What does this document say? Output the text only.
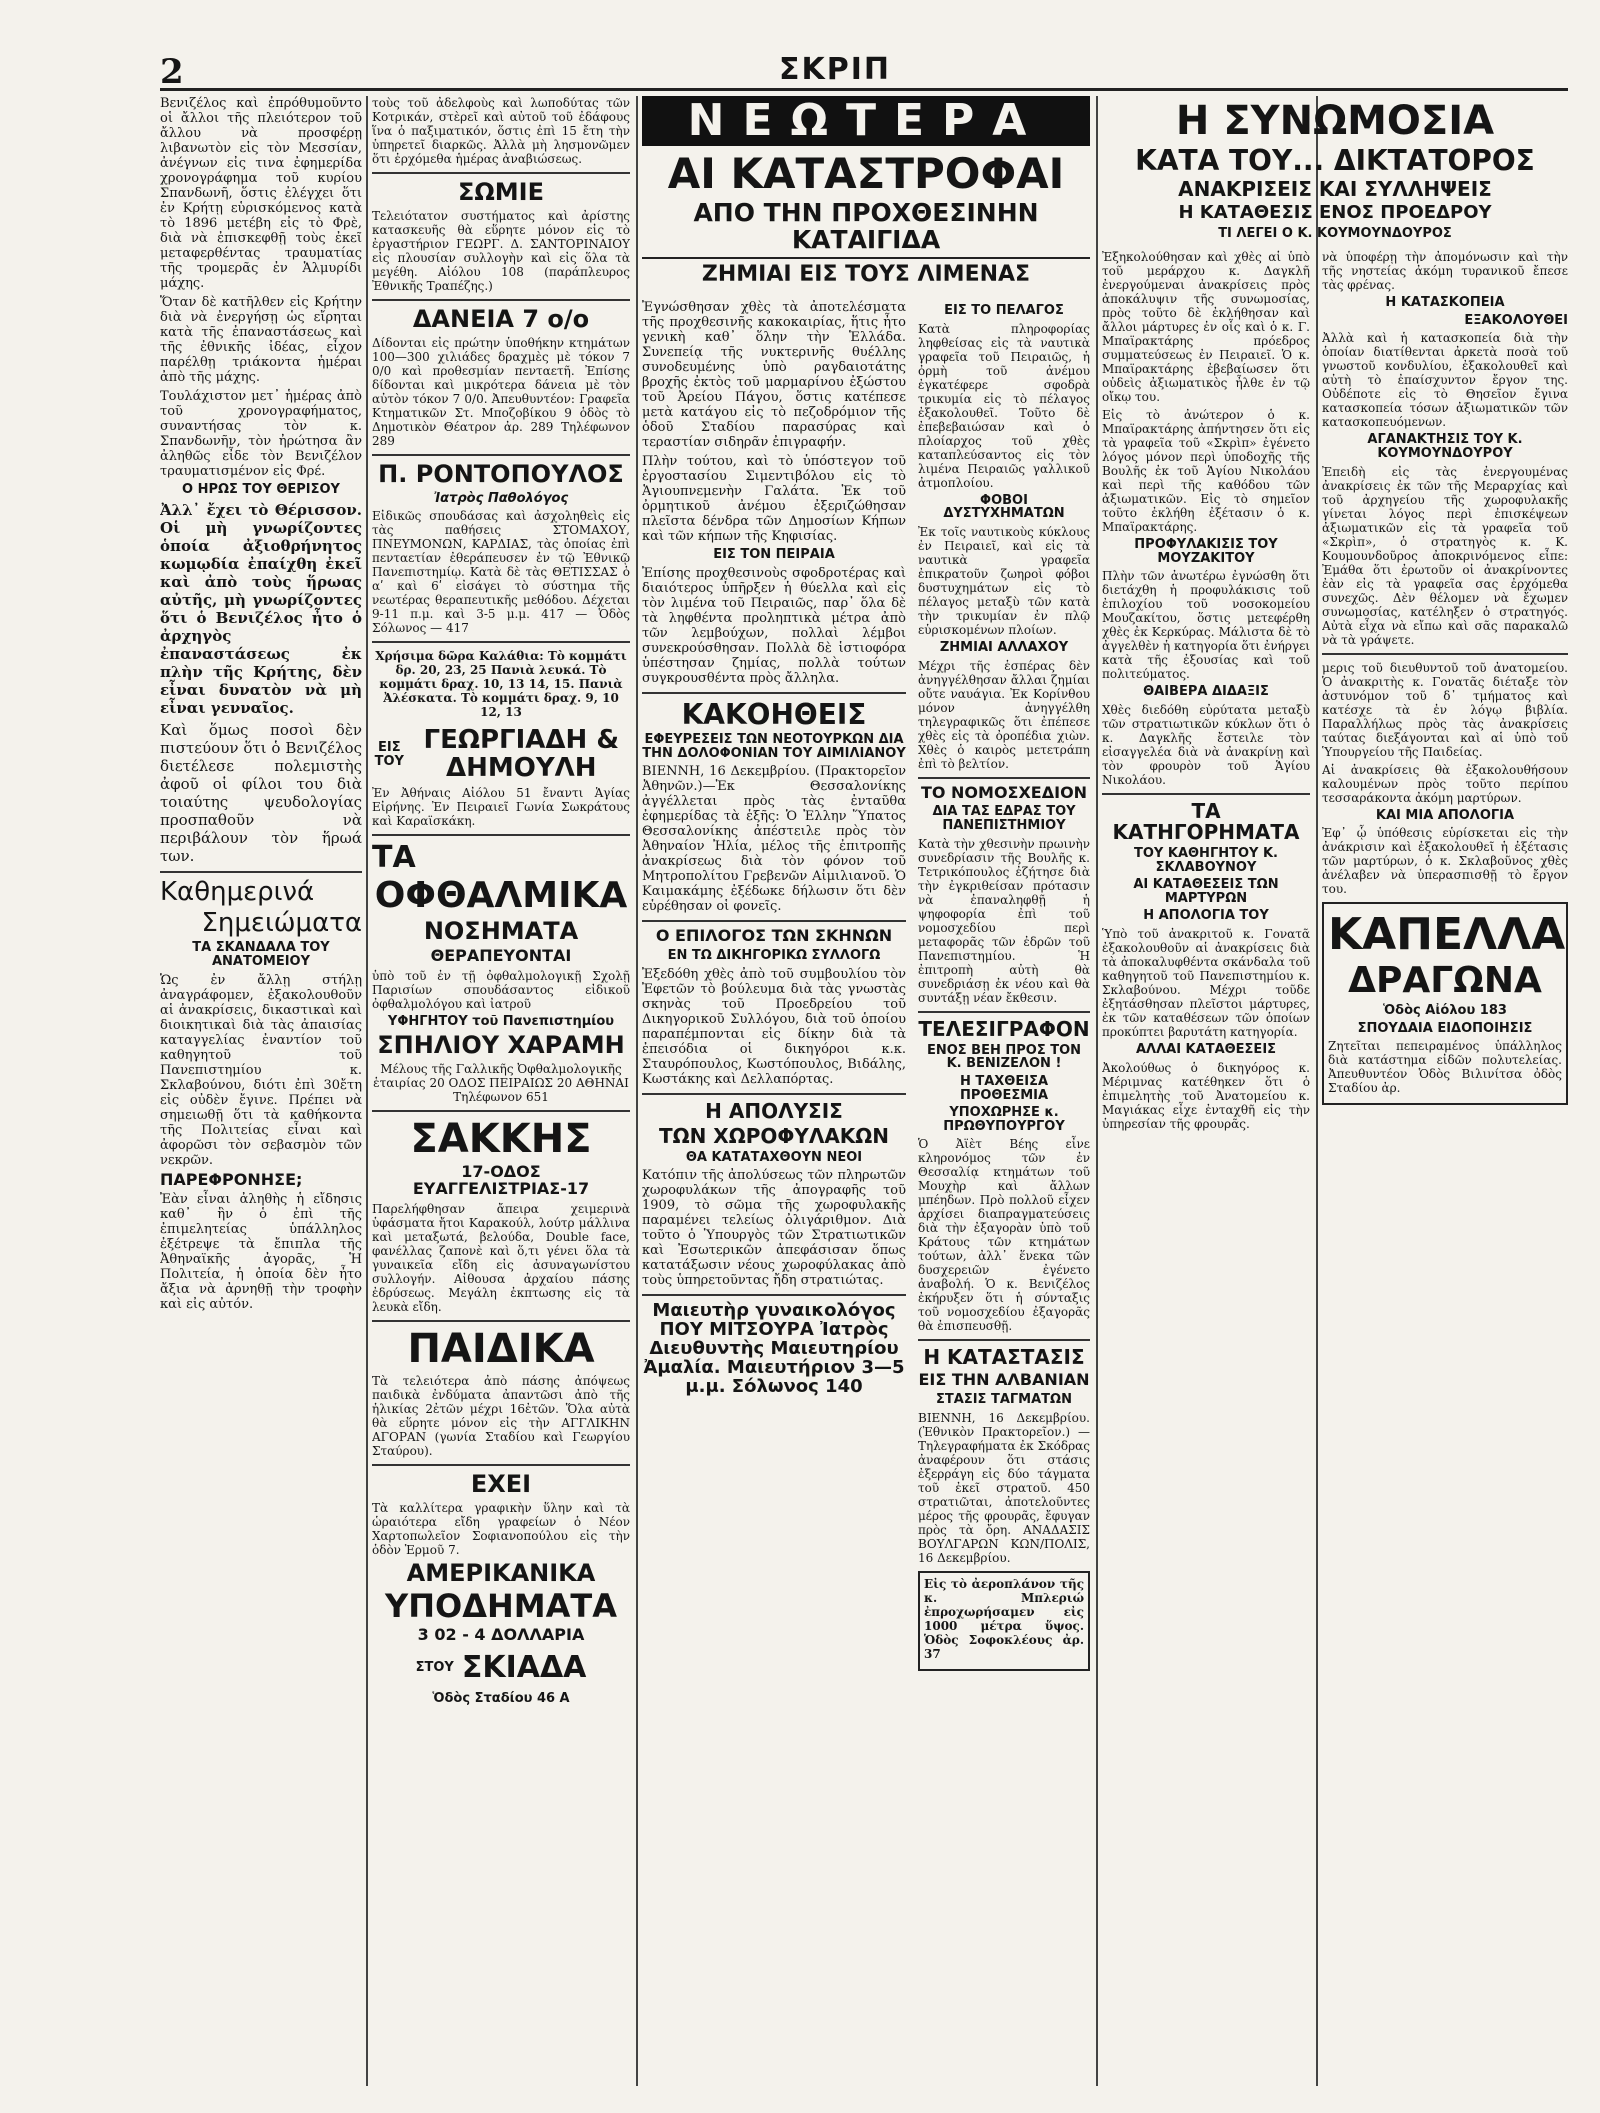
2	ΣΚΡΙΠ

Βενιζέλος καὶ ἐπρόθυμοῦντο οἱ ἄλλοι τῆς πλειότερον τοῦ ἄλλου νὰ προσφέρῃ λιβανωτὸν εἰς τὸν Μεσσίαν, ἀνέγνων εἰς τινα ἐφημερίδα χρονογράφημα τοῦ κυρίου Σπανδωνῆ, ὅστις ἐλέγχει ὅτι ἐν Κρήτῃ εὑρισκόμενος κατὰ τὸ 1896 μετέβη εἰς τὸ Φρὲ, διὰ νὰ ἐπισκεφθῇ τοὺς ἐκεῖ μεταφερθέντας τραυματίας τῆς τρομερᾶς ἐν Ἁλμυρίδι μάχης.

Ὅταν δὲ κατῆλθεν εἰς Κρήτην διὰ νὰ ἐνεργήσῃ ὡς εἴρηται κατὰ τῆς ἐπαναστάσεως καὶ τῆς ἐθνικῆς ἰδέας, εἶχον παρέλθῃ τριάκοντα ἡμέραι ἀπὸ τῆς μάχης.

Τουλάχιστον μετ᾽ ἡμέρας ἀπὸ τοῦ χρονογραφήματος, συναντήσας τὸν κ. Σπανδωνῆν, τὸν ἠρώτησα ἂν ἀληθῶς εἶδε τὸν Βενιζέλον τραυματισμένον εἰς Φρέ.

Ο ΗΡΩΣ ΤΟΥ ΘΕΡΙΣΟΥ

Ἀλλ᾽ ἔχει τὸ Θέρισσον. Οἱ μὴ γνωρίζοντες ὁποία ἀξιοθρήνητος κωμῳδία ἐπαίχθη ἐκεῖ καὶ ἀπὸ τοὺς ἥρωας αὐτῆς, μὴ γνωρίζοντες ὅτι ὁ Βενιζέλος ἦτο ὁ ἀρχηγὸς ἐπαναστάσεως ἐκ πλὴν τῆς Κρήτης, δὲν εἶναι δυνατὸν νὰ μὴ εἶναι γενναῖος.

Καὶ ὅμως ποσοὶ δὲν πιστεύουν ὅτι ὁ Βενιζέλος διετέλεσε πολεμιστὴς ἀφοῦ οἱ φίλοι του διὰ τοιαύτης ψευδολογίας προσπαθοῦν νὰ περιβάλουν τὸν ἥρωά των.

Καθημερινά
Σημειώματα
ΤΑ ΣΚΑΝΔΑΛΑ ΤΟΥ ΑΝΑΤΟΜΕΙΟΥ

Ὡς ἐν ἄλλῃ στήλῃ ἀναγράφομεν, ἐξακολουθοῦν αἱ ἀνακρίσεις, δικαστικαὶ καὶ διοικητικαὶ διὰ τὰς ἀπαισίας καταγγελίας ἐναντίον τοῦ καθηγητοῦ τοῦ Πανεπιστημίου κ. Σκλαβούνου, διότι ἐπὶ 30ἔτη εἰς οὐδὲν ἔγινε. Πρέπει νὰ σημειωθῇ ὅτι τὰ καθήκοντα τῆς Πολιτείας εἶναι καὶ ἀφορῶσι τὸν σεβασμὸν τῶν νεκρῶν.

ΠΑΡΕΦΡΟΝΗΣΕ;

Ἐὰν εἶναι ἀληθὴς ἡ εἴδησις καθ᾽ ἣν ὁ ἐπὶ τῆς ἐπιμελητείας ὑπάλληλος ἐξέτρεψε τὰ ἔπιπλα τῆς Ἀθηναϊκῆς ἀγορᾶς, Ἡ Πολιτεία, ἡ ὁποία δὲν ἦτο ἄξια νὰ ἀρνηθῇ τὴν τροφὴν καὶ εἰς αὐτόν.

τοὺς τοῦ ἀδελφοὺς καὶ λωποδύτας τῶν Κοτρικάν, στὲρεῖ καὶ αὐτοῦ τοῦ ἐδάφους ἵνα ὁ παξιματικόν, ὅστις ἐπὶ 15 ἔτη τὴν ὑπηρετεῖ διαρκῶς. Ἀλλὰ μὴ λησμονῶμεν ὅτι ἐρχόμεθα ἡμέρας ἀναβιώσεως.

ΣΩΜΙΕ

Τελειότατον συστήματος καὶ ἀρίστης κατασκευῆς θὰ εὕρητε μόνον εἰς τὸ ἐργαστήριον ΓΕΩΡΓ. Δ. ΣΑΝΤΟΡΙΝΑΙΟΥ εἰς πλουσίαν συλλογὴν καὶ εἰς ὅλα τὰ μεγέθη. Αἰόλου 108 (παράπλευρος Ἐθνικῆς Τραπέζης.)

ΔΑΝΕΙΑ 7 ο/ο

Δίδονται εἰς πρώτην ὑποθήκην κτημάτων 100—300 χιλιάδες δραχμὲς μὲ τόκον 7 0/0 καὶ προθεσμίαν πενταετῆ. Ἐπίσης δίδονται καὶ μικρότερα δάνεια μὲ τὸν αὐτὸν τόκον 7 0/0. Ἀπευθυντέον: Γραφεῖα Κτηματικῶν Στ. Μποζοβίκου 9 ὁδὸς τὸ Δημοτικὸν Θέατρον ἀρ. 289 Τηλέφωνον 289

Π. ΡΟΝΤΟΠΟΥΛΟΣ
Ἰατρὸς Παθολόγος

Εἰδικῶς σπουδάσας καὶ ἀσχοληθεὶς εἰς τὰς παθήσεις ΣΤΟΜΑΧΟΥ, ΠΝΕΥΜΟΝΩΝ, ΚΑΡΔΙΑΣ, τὰς ὁποίας ἐπὶ πενταετίαν ἐθεράπευσεν ἐν τῷ Ἐθνικῷ Πανεπιστημίῳ. Κατὰ δὲ τὰς ΘΕΤΙΣΣΑΣ ὁ αʹ καὶ 6ʹ εἰσάγει τὸ σύστημα τῆς νεωτέρας θεραπευτικῆς μεθόδου. Δέχεται 9-11 π.μ. καὶ 3-5 μ.μ. 417 — Ὁδὸς Σόλωνος — 417

Χρήσιμα δῶρα Καλάθια: Τὸ κομμάτι δρ. 20, 23, 25 Πανιὰ λευκά. Τὸ κομμάτι δραχ. 10, 13 14, 15. Πανιὰ Ἀλέσκατα. Τὸ κομμάτι δραχ. 9, 10 12, 13

ΕΙΣ ΤΟΥ
ΓΕΩΡΓΙΑΔΗ & ΔΗΜΟΥΛΗ

Ἐν Ἀθήναις Αἰόλου 51 ἔναντι Ἁγίας Εἰρήνης. Ἐν Πειραιεῖ Γωνία Σωκράτους καὶ Καραϊσκάκη.

ΤΑ
ΟΦΘΑΛΜΙΚΑ
ΝΟΣΗΜΑΤΑ
ΘΕΡΑΠΕΥΟΝΤΑΙ

ὑπὸ τοῦ ἐν τῇ ὀφθαλμολογικῇ Σχολῇ Παρισίων σπουδάσαντος εἰδικοῦ ὀφθαλμολόγου καὶ ἰατροῦ

ΥΦΗΓΗΤΟΥ τοῦ Πανεπιστημίου
ΣΠΗΛΙΟΥ ΧΑΡΑΜΗ

Μέλους τῆς Γαλλικῆς Ὀφθαλμολογικῆς ἑταιρίας 20 ΟΔΟΣ ΠΕΙΡΑΙΩΣ 20 ΑΘΗΝΑΙ Τηλέφωνον 651

ΣΑΚΚΗΣ
17-ΟΔΟΣ ΕΥΑΓΓΕΛΙΣΤΡΙΑΣ-17

Παρελήφθησαν ἄπειρα χειμερινὰ ὑφάσματα ἤτοι Καρακούλ, λούτρ μάλλινα καὶ μεταξωτά, βελούδα, Double face, φανέλλας ζαπονὲ καὶ ὅ,τι γένει ὅλα τὰ γυναικεῖα εἴδη εἰς ἀσυναγωνίστου συλλογήν. Αἰθουσα ἀρχαίου πάσης ἐδρύσεως. Μεγάλη ἐκπτωσης εἰς τὰ λευκὰ εἴδη.

ΠΑΙΔΙΚΑ

Τὰ τελειότερα ἀπὸ πάσης ἀπόψεως παιδικὰ ἐνδύματα ἀπαντῶσι ἀπὸ τῆς ἡλικίας 2ἐτῶν μέχρι 16ἐτῶν. Ὅλα αὐτὰ θὰ εὕρητε μόνον εἰς τὴν ΑΓΓΛΙΚΗΝ ΑΓΟΡΑΝ (γωνία Σταδίου καὶ Γεωργίου Σταύρου).

ΕΧΕΙ

Τὰ καλλίτερα γραφικὴν ὕλην καὶ τὰ ὡραιότερα εἴδη γραφείων ὁ Νέον Χαρτοπωλεῖον Σοφιανοπούλου εἰς τὴν ὁδὸν Ἑρμοῦ 7.

ΑΜΕΡΙΚΑΝΙΚΑ
ΥΠΟΔΗΜΑΤΑ
3 02 - 4 ΔΟΛΛΑΡΙΑ
ΣΤΟΥ ΣΚΙΑΔΑ
Ὁδὸς Σταδίου 46 A
ΝΕΩΤΕΡΑ
ΑΙ ΚΑΤΑΣΤΡΟΦΑΙ
ΑΠΟ ΤΗΝ ΠΡΟΧΘΕΣΙΝΗΝ ΚΑΤΑΙΓΙΔΑ
ΖΗΜΙΑΙ ΕΙΣ ΤΟΥΣ ΛΙΜΕΝΑΣ

Ἐγνώσθησαν χθὲς τὰ ἀποτελέσματα τῆς προχθεσινῆς κακοκαιρίας, ἥτις ἦτο γενικὴ καθ᾽ ὅλην τὴν Ἑλλάδα. Συνεπείᾳ τῆς νυκτερινῆς θυέλλης συνοδευμένης ὑπὸ ραγδαιοτάτης βροχῆς ἐκτὸς τοῦ μαρμαρίνου ἐξώστου τοῦ Ἀρείου Πάγου, ὅστις κατέπεσε μετὰ κατάγου εἰς τὸ πεζοδρόμιον τῆς ὁδοῦ Σταδίου παρασύρας καὶ τεραστίαν σιδηρᾶν ἐπιγραφήν.

Πλὴν τούτου, καὶ τὸ ὑπόστεγον τοῦ ἐργοστασίου Σιμεντιβόλου εἰς τὸ Ἁγιουπνεμενὴν Γαλάτα. Ἐκ τοῦ ὀρμητικοῦ ἀνέμου ἐξεριζώθησαν πλεῖστα δένδρα τῶν Δημοσίων Κήπων καὶ τῶν κήπων τῆς Κηφισίας.

ΕΙΣ ΤΟΝ ΠΕΙΡΑΙΑ

Ἐπίσης προχθεσινοὺς σφοδροτέρας καὶ διαιότερος ὑπῆρξεν ἡ θύελλα καὶ εἰς τὸν λιμένα τοῦ Πειραιῶς, παρ᾽ ὅλα δὲ τὰ ληφθέντα προληπτικὰ μέτρα ἀπὸ τῶν λεμβούχων, πολλαὶ λέμβοι συνεκρούσθησαν. Πολλὰ δὲ ἱστιοφόρα ὑπέστησαν ζημίας, πολλὰ τούτων συγκρουσθέντα πρὸς ἄλληλα.

ΚΑΚΟΗΘΕΙΣ
ΕΦΕΥΡΕΣΕΙΣ ΤΩΝ ΝΕΟΤΟΥΡΚΩΝ ΔΙΑ ΤΗΝ ΔΟΛΟΦΟΝΙΑΝ ΤΟΥ ΑΙΜΙΛΙΑΝΟΥ

ΒΙΕΝΝΗ, 16 Δεκεμβρίου. (Πρακτορεῖον Ἀθηνῶν.)—Ἐκ Θεσσαλονίκης ἀγγέλλεται πρὸς τὰς ἐνταῦθα ἐφημερίδας τὰ ἑξῆς: Ὁ Ἐλλην Ὕπατος Θεσσαλονίκης ἀπέστειλε πρὸς τὸν Ἀθηναίον Ἠλία, μέλος τῆς ἐπιτροπῆς ἀνακρίσεως διὰ τὸν φόνον τοῦ Μητροπολίτου Γρεβενῶν Αἰμιλιανοῦ. Ὁ Καιμακάμης ἐξέδωκε δήλωσιν ὅτι δὲν εὑρέθησαν οἱ φονεῖς.

Ο ΕΠΙΛΟΓΟΣ ΤΩΝ ΣΚΗΝΩΝ
ΕΝ ΤΩ ΔΙΚΗΓΟΡΙΚΩ ΣΥΛΛΟΓΩ

Ἐξεδόθη χθὲς ἀπὸ τοῦ συμβουλίου τὸν Ἐφετῶν τὸ βούλευμα διὰ τὰς γνωστὰς σκηνὰς τοῦ Προεδρείου τοῦ Δικηγορικοῦ Συλλόγου, διὰ τοῦ ὁποίου παραπέμπονται εἰς δίκην διὰ τὰ ἐπεισόδια οἱ δικηγόροι κ.κ. Σταυρόπουλος, Κωστόπουλος, Βιδάλης, Κωστάκης καὶ Δελλαπόρτας.

Η ΑΠΟΛΥΣΙΣ
ΤΩΝ ΧΩΡΟΦΥΛΑΚΩΝ
ΘΑ ΚΑΤΑΤΑΧΘΟΥΝ ΝΕΟΙ

Κατόπιν τῆς ἀπολύσεως τῶν πληρωτῶν χωροφυλάκων τῆς ἀπογραφῆς τοῦ 1909, τὸ σῶμα τῆς χωροφυλακῆς παραμένει τελείως ὀλιγάριθμον. Διὰ τοῦτο ὁ Ὑπουργὸς τῶν Στρατιωτικῶν καὶ Ἐσωτερικῶν ἀπεφάσισαν ὅπως κατατάξωσιν νέους χωροφύλακας ἀπὸ τοὺς ὑπηρετοῦντας ἤδη στρατιώτας.

Μαιευτὴρ γυναικολόγος ΠΟΥ ΜΙΤΣΟΥΡΑ Ἰατρὸς Διευθυντὴς Μαιευτηρίου Ἀμαλία. Μαιευτήριον 3—5 μ.μ. Σόλωνος 140
ΕΙΣ ΤΟ ΠΕΛΑΓΟΣ

Κατὰ πληροφορίας ληφθείσας εἰς τὰ ναυτικὰ γραφεῖα τοῦ Πειραιῶς, ἡ ὀρμὴ τοῦ ἀνέμου ἐγκατέφερε σφοδρὰ τρικυμία εἰς τὸ πέλαγος ἐξακολουθεῖ. Τοῦτο δὲ ἐπεβεβαιώσαν καὶ ὁ πλοίαρχος τοῦ χθὲς καταπλεύσαντος εἰς τὸν λιμένα Πειραιῶς γαλλικοῦ ἀτμοπλοίου.

ΦΟΒΟΙ ΔΥΣΤΥΧΗΜΑΤΩΝ

Ἐκ τοῖς ναυτικοὺς κύκλους ἐν Πειραιεῖ, καὶ εἰς τὰ ναυτικὰ γραφεῖα ἐπικρατοῦν ζωηροὶ φόβοι δυστυχημάτων εἰς τὸ πέλαγος μεταξὺ τῶν κατὰ τὴν τρικυμίαν ἐν πλῷ εὑρισκομένων πλοίων.

ΖΗΜΙΑΙ ΑΛΛΑΧΟΥ

Μέχρι τῆς ἑσπέρας δὲν ἀνηγγέλθησαν ἄλλαι ζημίαι οὔτε ναυάγια. Ἐκ Κορίνθου μόνον ἀνηγγέλθη τηλεγραφικῶς ὅτι ἐπέπεσε χθὲς εἰς τὰ ὀροπέδια χιὼν. Χθὲς ὁ καιρὸς μετετράπη ἐπὶ τὸ βελτίον.

ΤΟ ΝΟΜΟΣΧΕΔΙΟΝ
ΔΙΑ ΤΑΣ ΕΔΡΑΣ ΤΟΥ ΠΑΝΕΠΙΣΤΗΜΙΟΥ

Κατὰ τὴν χθεσινὴν πρωινὴν συνεδρίασιν τῆς Βουλῆς κ. Τετρικόπουλος ἐζήτησε διὰ τὴν ἐγκριθείσαν πρότασιν νὰ ἐπαναληφθῇ ἡ ψηφοφορία ἐπὶ τοῦ νομοσχεδίου περὶ μεταφορᾶς τῶν ἐδρῶν τοῦ Πανεπιστημίου. Ἡ ἐπιτροπὴ αὐτὴ θὰ συνεδριάσῃ ἐκ νέου καὶ θὰ συντάξῃ νέαν ἔκθεσιν.

ΤΕΛΕΣΙΓΡΑΦΟΝ
ΕΝΟΣ ΒΕΗ ΠΡΟΣ ΤΟΝ Κ. ΒΕΝΙΖΕΛΟΝ !
Η ΤΑΧΘΕΙΣΑ ΠΡΟΘΕΣΜΙΑ
ΥΠΟΧΩΡΗΣΕ κ. ΠΡΩΘΥΠΟΥΡΓΟΥ

Ὁ Ἀϊὲτ Βέης εἶνε κληρονόμος τῶν ἐν Θεσσαλίᾳ κτημάτων τοῦ Μουχὴρ καὶ ἄλλων μπέηδων. Πρὸ πολλοῦ εἶχεν ἀρχίσει διαπραγματεύσεις διὰ τὴν ἐξαγορὰν ὑπὸ τοῦ Κράτους τῶν κτημάτων τούτων, ἀλλ᾽ ἕνεκα τῶν δυσχερειῶν ἐγένετο ἀναβολή. Ὁ κ. Βενιζέλος ἐκήρυξεν ὅτι ἡ σύνταξις τοῦ νομοσχεδίου ἐξαγορᾶς θὰ ἐπισπευσθῇ.

Η ΚΑΤΑΣΤΑΣΙΣ
ΕΙΣ ΤΗΝ ΑΛΒΑΝΙΑΝ
ΣΤΑΣΙΣ ΤΑΓΜΑΤΩΝ

ΒΙΕΝΝΗ, 16 Δεκεμβρίου. (Ἐθνικὸν Πρακτορεῖον.) — Τηλεγραφήματα ἐκ Σκόδρας ἀναφέρουν ὅτι στάσις ἐξερράγη εἰς δύο τάγματα τοῦ ἐκεῖ στρατοῦ. 450 στρατιῶται, ἀποτελοῦντες μέρος τῆς φρουρᾶς, ἔφυγαν πρὸς τὰ ὄρη. ΑΝΑΔΑΣΙΣ ΒΟΥΛΓΑΡΩΝ ΚΩΝ/ΠΟΛΙΣ, 16 Δεκεμβρίου.

Εἰς τὸ ἀεροπλάνον τῆς κ. Μπλεριώ ἐπροχωρήσαμεν εἰς 1000 μέτρα ὕψος. Ὁδὸς Σοφοκλέους ἀρ. 37

Η ΣΥΝΩΜΟΣΙΑ
ΚΑΤΑ ΤΟΥ... ΔΙΚΤΑΤΟΡΟΣ
ΑΝΑΚΡΙΣΕΙΣ ΚΑΙ ΣΥΛΛΗΨΕΙΣ
Η ΚΑΤΑΘΕΣΙΣ ΕΝΟΣ ΠΡΟΕΔΡΟΥ
ΤΙ ΛΕΓΕΙ Ο Κ. ΚΟΥΜΟΥΝΔΟΥΡΟΣ

Ἐξηκολούθησαν καὶ χθὲς αἱ ὑπὸ τοῦ μεράρχου κ. Δαγκλῆ ἐνεργούμεναι ἀνακρίσεις πρὸς ἀποκάλυψιν τῆς συνωμοσίας, πρὸς τοῦτο δὲ ἐκλήθησαν καὶ ἄλλοι μάρτυρες ἐν οἷς καὶ ὁ κ. Γ. Μπαϊρακτάρης πρόεδρος συμματεύσεως ἐν Πειραιεῖ. Ὁ κ. Μπαϊρακτάρης ἐβεβαίωσεν ὅτι οὐδεὶς ἀξιωματικὸς ἦλθε ἐν τῷ οἴκῳ του.

Εἰς τὸ ἀνώτερον ὁ κ. Μπαϊρακτάρης ἀπήντησεν ὅτι εἰς τὰ γραφεῖα τοῦ «Σκρὶπ» ἐγένετο λόγος μόνον περὶ ὑποδοχῆς τῆς Βουλῆς ἐκ τοῦ Ἁγίου Νικολάου καὶ περὶ τῆς καθόδου τῶν ἀξιωματικῶν. Εἰς τὸ σημεῖον τοῦτο ἐκλήθη ἐξέτασιν ὁ κ. Μπαϊρακτάρης.

ΠΡΟΦΥΛΑΚΙΣΙΣ ΤΟΥ ΜΟΥΖΑΚΙΤΟΥ

Πλὴν τῶν ἀνωτέρω ἐγνώσθη ὅτι διετάχθη ἡ προφυλάκισις τοῦ ἐπιλοχίου τοῦ νοσοκομείου Μουζακίτου, ὅστις μετεφέρθη χθὲς ἐκ Κερκύρας. Μάλιστα δὲ τὸ ἀγγελθὲν ἡ κατηγορία ὅτι ἐνήργει κατὰ τῆς ἐξουσίας καὶ τοῦ πολιτεύματος.

ΘΑΙΒΕΡΑ ΔΙΔΑΞΙΣ

Χθὲς διεδόθη εὐρύτατα μεταξὺ τῶν στρατιωτικῶν κύκλων ὅτι ὁ κ. Δαγκλῆς ἔστειλε τὸν εἰσαγγελέα διὰ νὰ ἀνακρίνῃ καὶ τὸν φρουρὸν τοῦ Ἁγίου Νικολάου.

ΤΑ ΚΑΤΗΓΟΡΗΜΑΤΑ
ΤΟΥ ΚΑΘΗΓΗΤΟΥ Κ. ΣΚΛΑΒΟΥΝΟΥ
ΑΙ ΚΑΤΑΘΕΣΕΙΣ ΤΩΝ ΜΑΡΤΥΡΩΝ
Η ΑΠΟΛΟΓΙΑ ΤΟΥ

Ὑπὸ τοῦ ἀνακριτοῦ κ. Γονατᾶ ἐξακολουθοῦν αἱ ἀνακρίσεις διὰ τὰ ἀποκαλυφθέντα σκάνδαλα τοῦ καθηγητοῦ τοῦ Πανεπιστημίου κ. Σκλαβούνου. Μέχρι τοῦδε ἐξητάσθησαν πλεῖστοι μάρτυρες, ἐκ τῶν καταθέσεων τῶν ὁποίων προκύπτει βαρυτάτη κατηγορία.

ΑΛΛΑΙ ΚΑΤΑΘΕΣΕΙΣ

Ἀκολούθως ὁ δικηγόρος κ. Μέριμνας κατέθηκεν ὅτι ὁ ἐπιμελητὴς τοῦ Ἀνατομείου κ. Μαγιάκας εἶχε ἐνταχθῆ εἰς τὴν ὑπηρεσίαν τῆς φρουρᾶς.

νὰ ὑποφέρῃ τὴν ἀπομόνωσιν καὶ τὴν τῆς νηστείας ἀκόμη τυρανικοῦ ἔπεσε τὰς φρένας.

Η ΚΑΤΑΣΚΟΠΕΙΑ
ΕΞΑΚΟΛΟΥΘΕΙ

Ἀλλὰ καὶ ἡ κατασκοπεία διὰ τὴν ὁποίαν διατίθενται ἀρκετὰ ποσὰ τοῦ γνωστοῦ κονδυλίου, ἐξακολουθεῖ καὶ αὐτὴ τὸ ἐπαίσχυντον ἔργον της. Οὐδέποτε εἰς τὸ Θησεῖον ἔγινα κατασκοπεία τόσων ἀξιωματικῶν τῶν κατασκοπευόμενων.

ΑΓΑΝΑΚΤΗΣΙΣ ΤΟΥ Κ. ΚΟΥΜΟΥΝΔΟΥΡΟΥ

Ἐπειδὴ εἰς τὰς ἐνεργουμένας ἀνακρίσεις ἐκ τῶν τῆς Μεραρχίας καὶ τοῦ ἀρχηγείου τῆς χωροφυλακῆς γίνεται λόγος περὶ ἐπισκέψεων ἀξιωματικῶν εἰς τὰ γραφεῖα τοῦ «Σκρὶπ», ὁ στρατηγὸς κ. Κ. Κουμουνδοῦρος ἀποκρινόμενος εἶπε: Ἐμάθα ὅτι ἐρωτοῦν οἱ ἀνακρίνοντες ἐὰν εἰς τὰ γραφεῖα σας ἐρχόμεθα συνεχῶς. Δὲν θέλομεν νὰ ἔχωμεν συνωμοσίας, κατέληξεν ὁ στρατηγός. Αὐτὰ εἶχα νὰ εἴπω καὶ σᾶς παρακαλῶ νὰ τὰ γράψετε.

μερις τοῦ διευθυντοῦ τοῦ ἀνατομείου. Ὁ ἀνακριτὴς κ. Γονατᾶς διέταξε τὸν ἀστυνόμον τοῦ δ᾽ τμήματος καὶ κατέσχε τὰ ἐν λόγῳ βιβλία. Παραλλήλως πρὸς τὰς ἀνακρίσεις ταύτας διεξάγονται καὶ αἱ ὑπὸ τοῦ Ὑπουργείου τῆς Παιδείας.

Αἱ ἀνακρίσεις θὰ ἐξακολουθήσουν καλουμένων πρὸς τοῦτο περίπου τεσσαράκοντα ἀκόμη μαρτύρων.

ΚΑΙ ΜΙΑ ΑΠΟΛΟΓΙΑ

Ἐφ᾽ ᾧ ὑπόθεσις εὑρίσκεται εἰς τὴν ἀνάκρισιν καὶ ἐξακολουθεῖ ἡ ἐξέτασις τῶν μαρτύρων, ὁ κ. Σκλαβοῦνος χθὲς ἀνέλαβεν νὰ ὑπερασπισθῇ τὸ ἔργον του.

ΚΑΠΕΛΛΑ
ΔΡΑΓΩΝΑ
Ὁδὸς Αἰόλου 183
ΣΠΟΥΔΑΙΑ ΕΙΔΟΠΟΙΗΣΙΣ

Ζητεῖται πεπειραμένος ὑπάλληλος διὰ κατάστημα εἰδῶν πολυτελείας. Ἀπευθυντέον Ὁδὸς Βιλινίτσα ὀδὸς Σταδίου ἀρ.
